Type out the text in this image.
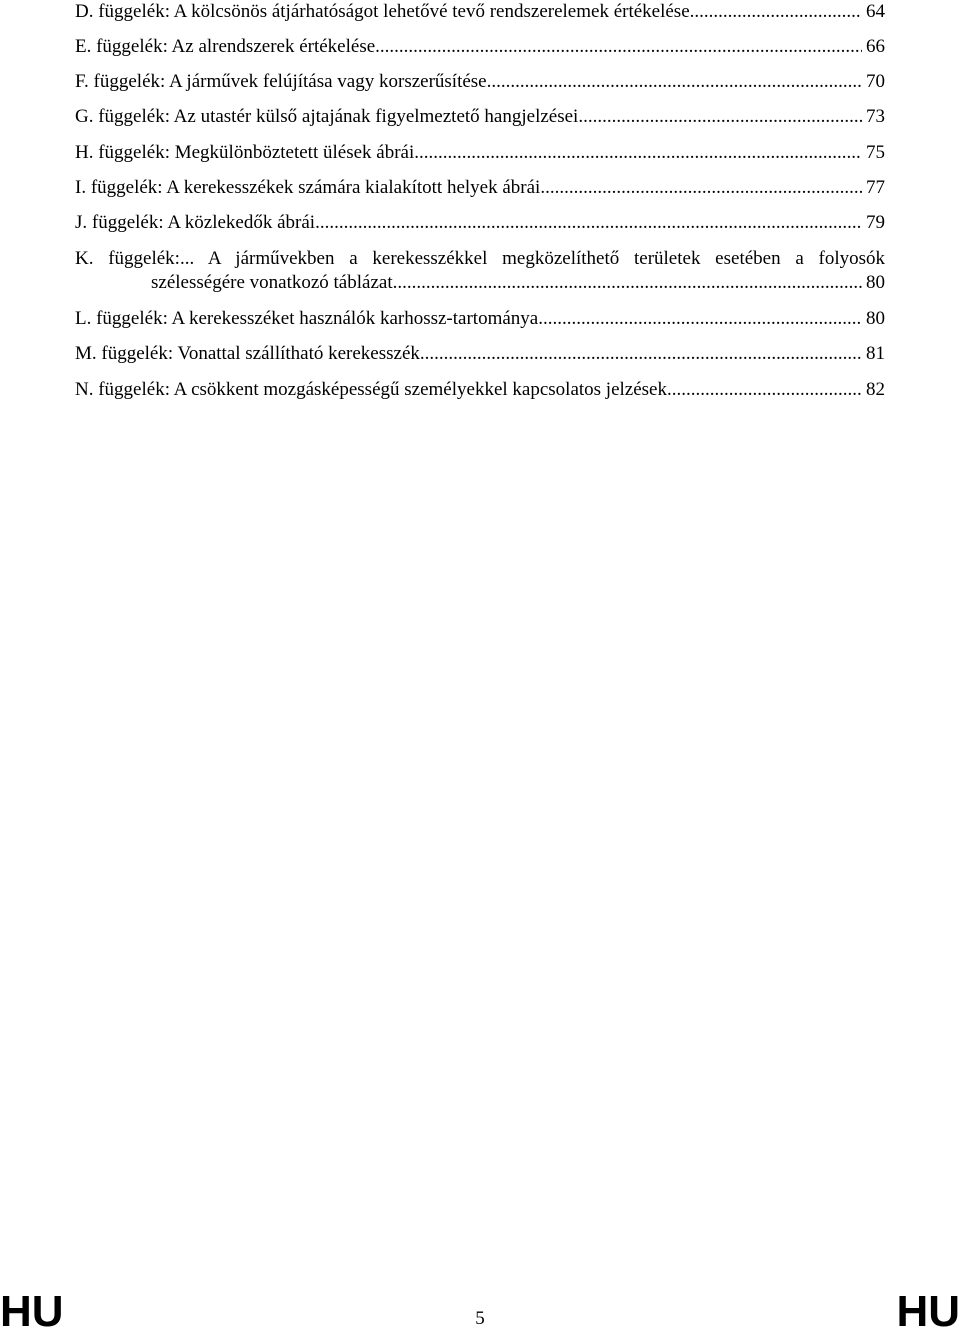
D. függelék: A kölcsönös átjárhatóságot lehetővé tevő rendszerelemek értékelése .....	64
E. függelék: Az alrendszerek értékelése .....	66
F. függelék: A járművek felújítása vagy korszerűsítése .....	70
G. függelék: Az utastér külső ajtajának figyelmeztető hangjelzései .....	73
H. függelék: Megkülönböztetett ülések ábrái .....	75
I. függelék: A kerekesszékek számára kialakított helyek ábrái .....	77
J. függelék: A közlekedők ábrái .....	79
K. függelék:... A járművekben a kerekesszékkel megközelíthető területek esetében a folyosók
szélességére vonatkozó táblázat .....	80
L. függelék: A kerekesszéket használók karhossz-tartománya .....	80
M. függelék: Vonattal szállítható kerekesszék .....	81
N. függelék: A csökkent mozgásképességű személyekkel kapcsolatos jelzések .....	82
HU	5	HU
